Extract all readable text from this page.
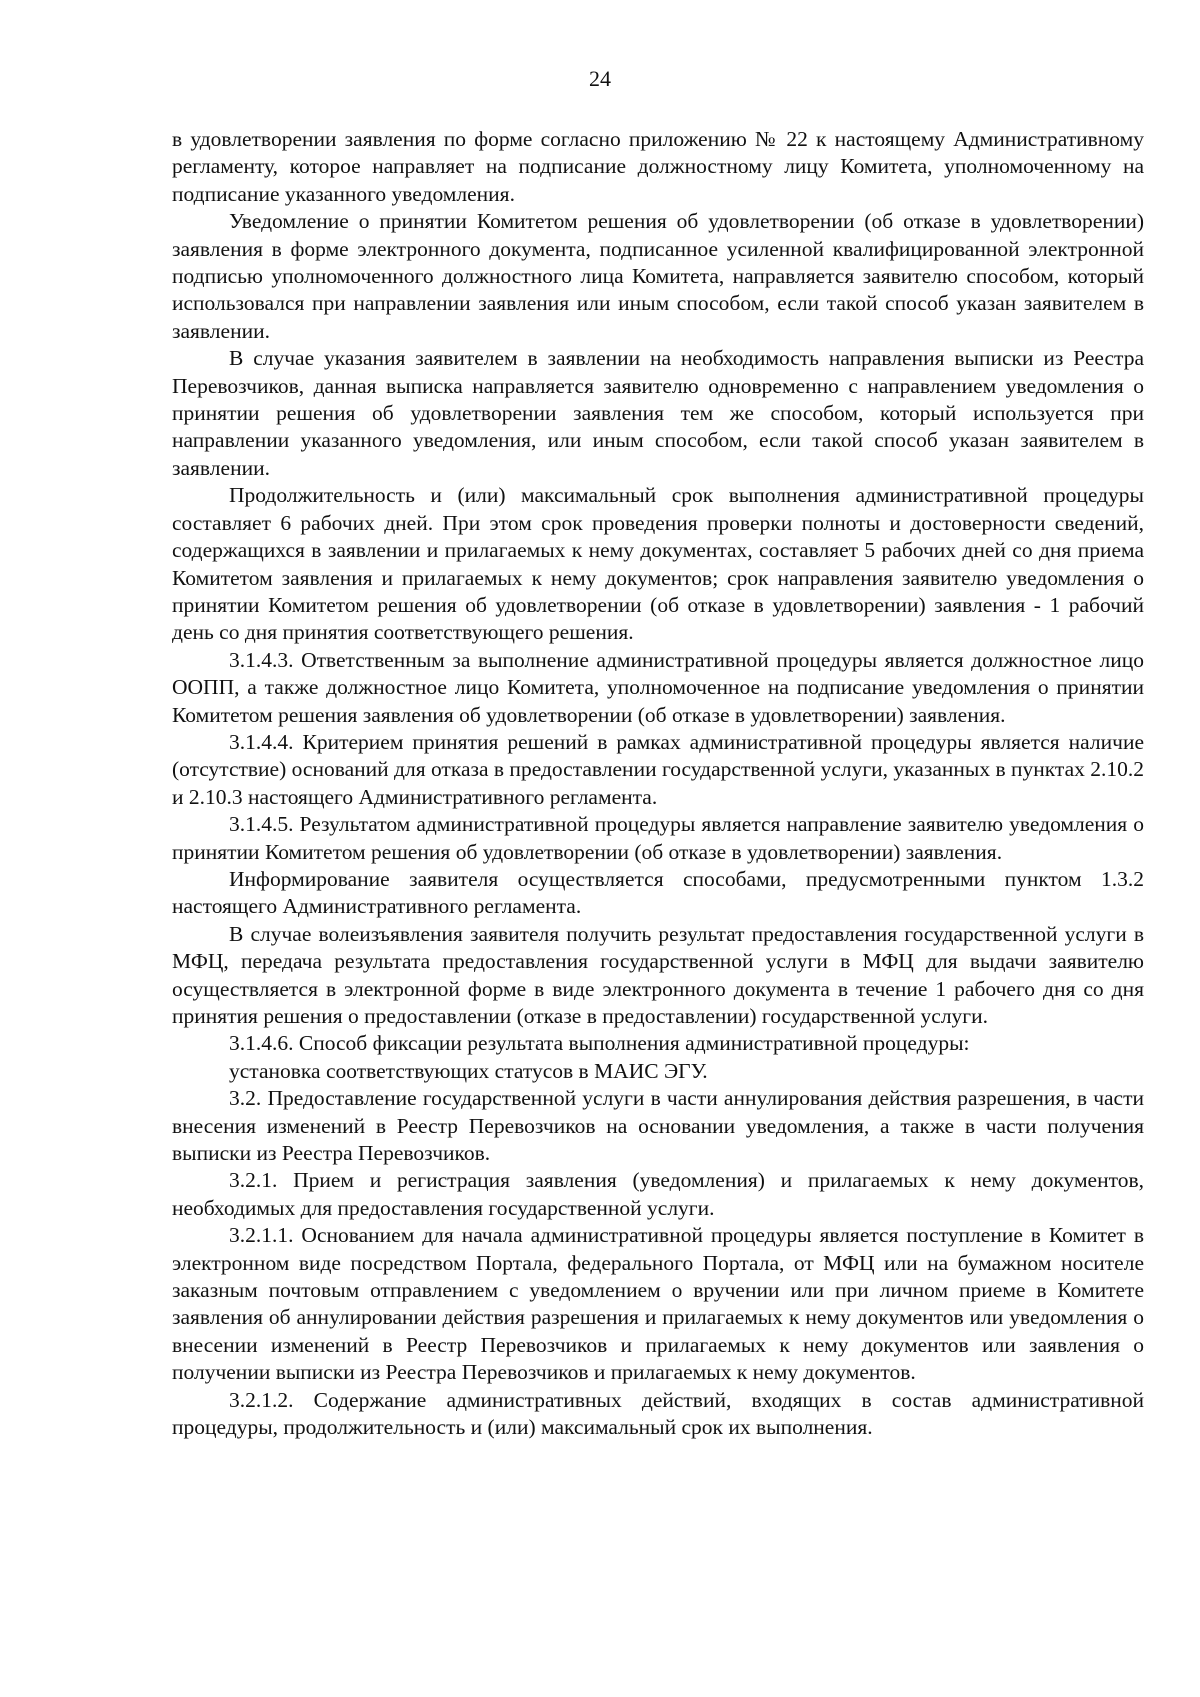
24

в удовлетворении заявления по форме согласно приложению № 22 к настоящему Административному регламенту, которое направляет на подписание должностному лицу Комитета, уполномоченному на подписание указанного уведомления.

Уведомление о принятии Комитетом решения об удовлетворении (об отказе в удовлетворении) заявления в форме электронного документа, подписанное усиленной квалифицированной электронной подписью уполномоченного должностного лица Комитета, направляется заявителю способом, который использовался при направлении заявления или иным способом, если такой способ указан заявителем в заявлении.

В случае указания заявителем в заявлении на необходимость направления выписки из Реестра Перевозчиков, данная выписка направляется заявителю одновременно с направлением уведомления о принятии решения об удовлетворении заявления тем же способом, который используется при направлении указанного уведомления, или иным способом, если такой способ указан заявителем в заявлении.

Продолжительность и (или) максимальный срок выполнения административной процедуры составляет 6 рабочих дней. При этом срок проведения проверки полноты и достоверности сведений, содержащихся в заявлении и прилагаемых к нему документах, составляет 5 рабочих дней со дня приема Комитетом заявления и прилагаемых к нему документов; срок направления заявителю уведомления о принятии Комитетом решения об удовлетворении (об отказе в удовлетворении) заявления - 1 рабочий день со дня принятия соответствующего решения.

3.1.4.3. Ответственным за выполнение административной процедуры является должностное лицо ООПП, а также должностное лицо Комитета, уполномоченное на подписание уведомления о принятии Комитетом решения заявления об удовлетворении (об отказе в удовлетворении) заявления.

3.1.4.4. Критерием принятия решений в рамках административной процедуры является наличие (отсутствие) оснований для отказа в предоставлении государственной услуги, указанных в пунктах 2.10.2 и 2.10.3 настоящего Административного регламента.

3.1.4.5. Результатом административной процедуры является направление заявителю уведомления о принятии Комитетом решения об удовлетворении (об отказе в удовлетворении) заявления.

Информирование заявителя осуществляется способами, предусмотренными пунктом 1.3.2 настоящего Административного регламента.

В случае волеизъявления заявителя получить результат предоставления государственной услуги в МФЦ, передача результата предоставления государственной услуги в МФЦ для выдачи заявителю осуществляется в электронной форме в виде электронного документа в течение 1 рабочего дня со дня принятия решения о предоставлении (отказе в предоставлении) государственной услуги.

3.1.4.6. Способ фиксации результата выполнения административной процедуры:

установка соответствующих статусов в МАИС ЭГУ.

3.2. Предоставление государственной услуги в части аннулирования действия разрешения, в части внесения изменений в Реестр Перевозчиков на основании уведомления, а также в части получения выписки из Реестра Перевозчиков.

3.2.1. Прием и регистрация заявления (уведомления) и прилагаемых к нему документов, необходимых для предоставления государственной услуги.

3.2.1.1. Основанием для начала административной процедуры является поступление в Комитет в электронном виде посредством Портала, федерального Портала, от МФЦ или на бумажном носителе заказным почтовым отправлением с уведомлением о вручении или при личном приеме в Комитете заявления об аннулировании действия разрешения и прилагаемых к нему документов или уведомления о внесении изменений в Реестр Перевозчиков и прилагаемых к нему документов или заявления о получении выписки из Реестра Перевозчиков и прилагаемых к нему документов.

3.2.1.2. Содержание административных действий, входящих в состав административной процедуры, продолжительность и (или) максимальный срок их выполнения.
